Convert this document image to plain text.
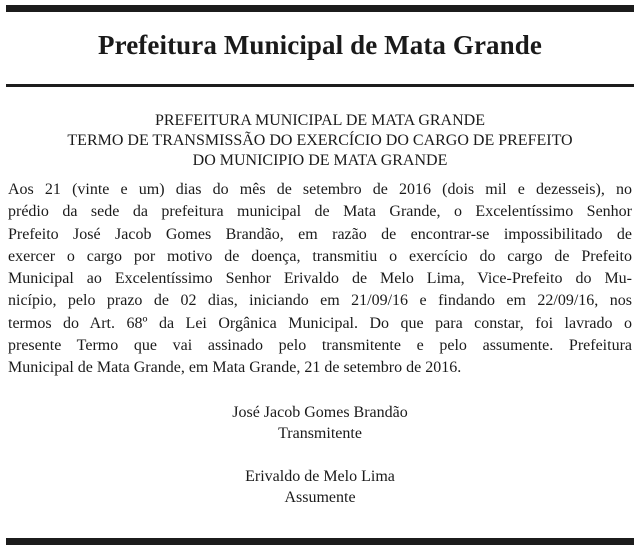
Prefeitura Municipal de Mata Grande
PREFEITURA MUNICIPAL DE MATA GRANDE
TERMO DE TRANSMISSÃO DO EXERCÍCIO DO CARGO DE PREFEITO
DO MUNICIPIO DE MATA GRANDE
Aos 21 (vinte e um) dias do mês de setembro de 2016 (dois mil e dezesseis), no
prédio da sede da prefeitura municipal de Mata Grande, o Excelentíssimo Senhor
Prefeito José Jacob Gomes Brandão, em razão de encontrar-se impossibilitado de
exercer o cargo por motivo de doença, transmitiu o exercício do cargo de Prefeito
Municipal ao Excelentíssimo Senhor Erivaldo de Melo Lima, Vice-Prefeito do Mu-
nicípio, pelo prazo de 02 dias, iniciando em 21/09/16 e findando em 22/09/16, nos
termos do Art. 68º da Lei Orgânica Municipal. Do que para constar, foi lavrado o
presente Termo que vai assinado pelo transmitente e pelo assumente. Prefeitura
Municipal de Mata Grande, em Mata Grande, 21 de setembro de 2016.
José Jacob Gomes Brandão
Transmitente
Erivaldo de Melo Lima
Assumente
